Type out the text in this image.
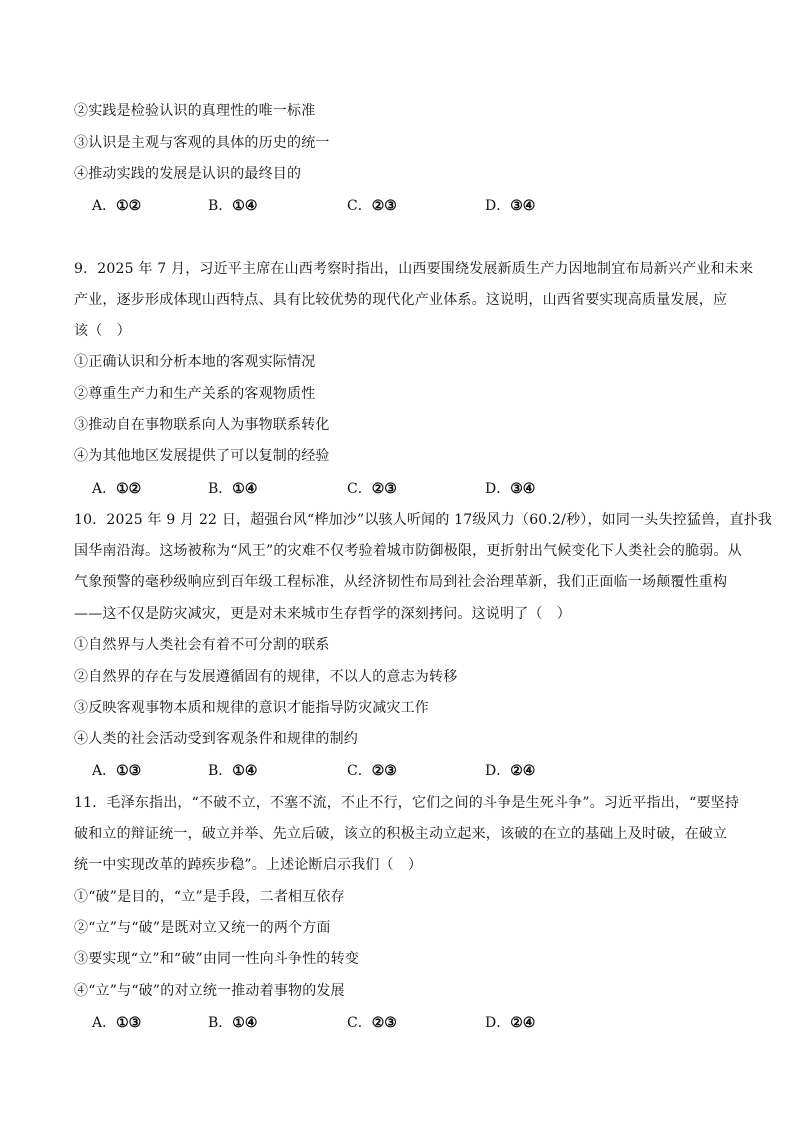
②实践是检验认识的真理性的唯一标准
③认识是主观与客观的具体的历史的统一
④推动实践的发展是认识的最终目的
A．①②	B．①④	C．②③	D．③④
9．2025 年 7 月，习近平主席在山西考察时指出，山西要围绕发展新质生产力因地制宜布局新兴产业和未来
产业，逐步形成体现山西特点、具有比较优势的现代化产业体系。这说明，山西省要实现高质量发展，应
该（　）
①正确认识和分析本地的客观实际情况
②尊重生产力和生产关系的客观物质性
③推动自在事物联系向人为事物联系转化
④为其他地区发展提供了可以复制的经验
A．①②	B．①④	C．②③	D．③④
10．2025 年 9 月 22 日，超强台风“桦加沙”以骇人听闻的 17级风力（60.2/秒），如同一头失控猛兽，直扑我
国华南沿海。这场被称为“风王”的灾难不仅考验着城市防御极限，更折射出气候变化下人类社会的脆弱。从
气象预警的毫秒级响应到百年级工程标准，从经济韧性布局到社会治理革新，我们正面临一场颠覆性重构
——这不仅是防灾减灾，更是对未来城市生存哲学的深刻拷问。这说明了（　）
①自然界与人类社会有着不可分割的联系
②自然界的存在与发展遵循固有的规律，不以人的意志为转移
③反映客观事物本质和规律的意识才能指导防灾减灾工作
④人类的社会活动受到客观条件和规律的制约
A．①③	B．①④	C．②③	D．②④
11．毛泽东指出，“不破不立，不塞不流，不止不行，它们之间的斗争是生死斗争”。习近平指出，“要坚持
破和立的辩证统一，破立并举、先立后破，该立的积极主动立起来，该破的在立的基础上及时破，在破立
统一中实现改革的踔疾步稳”。上述论断启示我们（　）
①“破”是目的，“立”是手段，二者相互依存
②“立”与“破”是既对立又统一的两个方面
③要实现“立”和“破”由同一性向斗争性的转变
④“立”与“破”的对立统一推动着事物的发展
A．①③	B．①④	C．②③	D．②④
